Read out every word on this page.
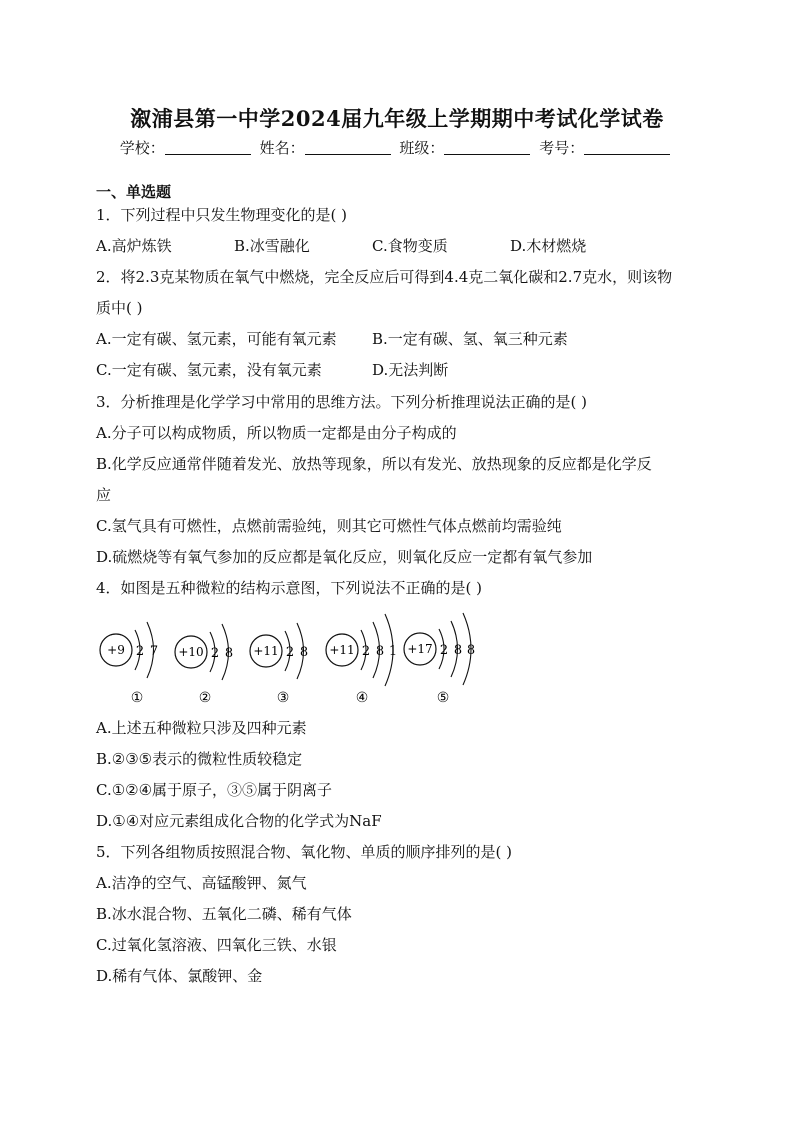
溆浦县第一中学2024届九年级上学期期中考试化学试卷
学校：	姓名：	班级：	考号：
一、单选题
1．下列过程中只发生物理变化的是( )
A.高炉炼铁	B.冰雪融化	C.食物变质	D.木材燃烧
2．将2.3克某物质在氧气中燃烧，完全反应后可得到4.4克二氧化碳和2.7克水，则该物
质中( )
A.一定有碳、氢元素，可能有氧元素 B.一定有碳、氢、氧三种元素
C.一定有碳、氢元素，没有氧元素	D.无法判断
3．分析推理是化学学习中常用的思维方法。下列分析推理说法正确的是( )
A.分子可以构成物质，所以物质一定都是由分子构成的
B.化学反应通常伴随着发光、放热等现象，所以有发光、放热现象的反应都是化学反
应
C.氢气具有可燃性，点燃前需验纯，则其它可燃性气体点燃前均需验纯
D.硫燃烧等有氧气参加的反应都是氧化反应，则氧化反应一定都有氧气参加
4．如图是五种微粒的结构示意图，下列说法不正确的是( )
+9 2 7
①
+10 2 8
②
+11 2 8
③
+11 2 8 1
④
+17 2 8 8
⑤
A.上述五种微粒只涉及四种元素
B.②③⑤表示的微粒性质较稳定
C.①②④属于原子，③⑤属于阴离子
D.①④对应元素组成化合物的化学式为NaF
5．下列各组物质按照混合物、氧化物、单质的顺序排列的是( )
A.洁净的空气、高锰酸钾、氮气
B.冰水混合物、五氧化二磷、稀有气体
C.过氧化氢溶液、四氧化三铁、水银
D.稀有气体、氯酸钾、金
